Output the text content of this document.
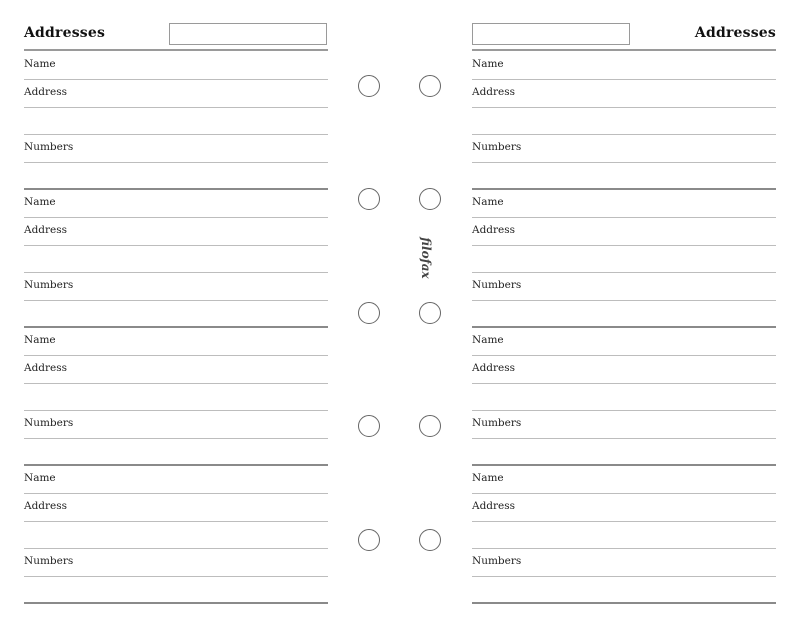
Addresses
Name
Address
Numbers
Name
Address
Numbers
Name
Address
Numbers
Name
Address
Numbers
Addresses
Name
Address
Numbers
Name
Address
Numbers
Name
Address
Numbers
Name
Address
Numbers
filofax
